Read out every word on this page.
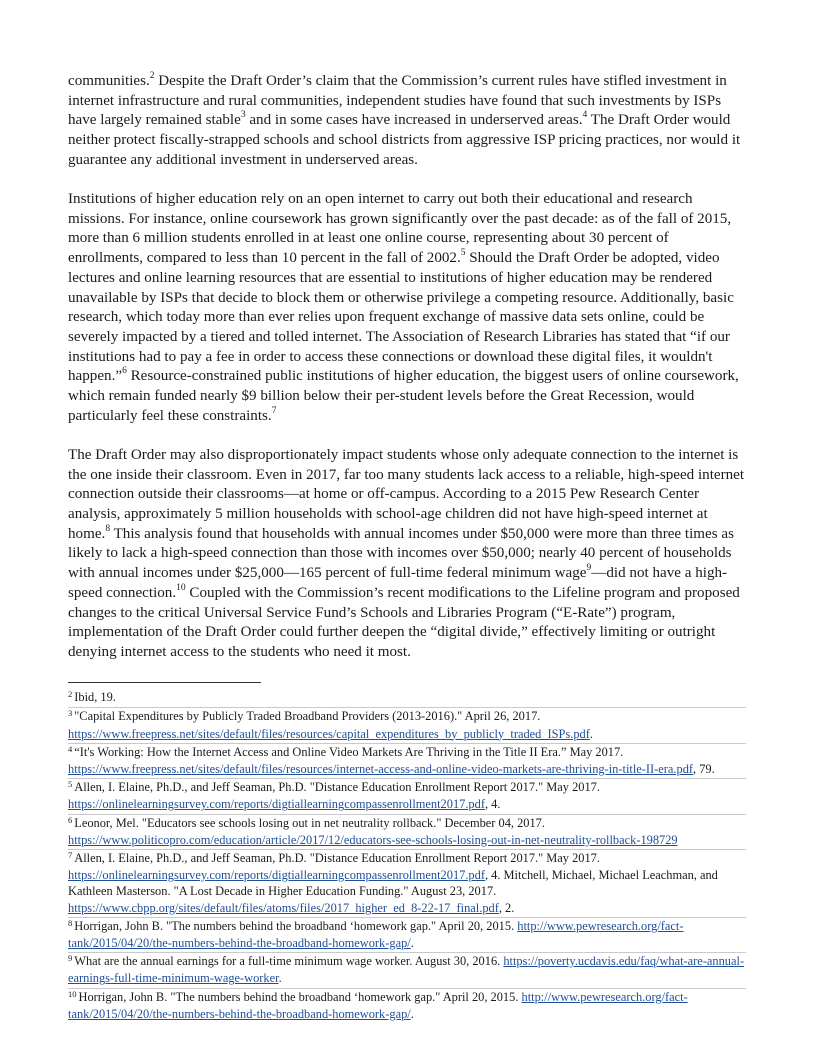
communities.$^2$ Despite the Draft Order’s claim that the Commission’s current rules have stifled investment in internet infrastructure and rural communities, independent studies have found that such investments by ISPs have largely remained stable$^3$ and in some cases have increased in underserved areas.$^4$ The Draft Order would neither protect fiscally-strapped schools and school districts from aggressive ISP pricing practices, nor would it guarantee any additional investment in underserved areas.

Institutions of higher education rely on an open internet to carry out both their educational and research missions. For instance, online coursework has grown significantly over the past decade: as of the fall of 2015, more than 6 million students enrolled in at least one online course, representing about 30 percent of enrollments, compared to less than 10 percent in the fall of 2002.$^5$ Should the Draft Order be adopted, video lectures and online learning resources that are essential to institutions of higher education may be rendered unavailable by ISPs that decide to block them or otherwise privilege a competing resource. Additionally, basic research, which today more than ever relies upon frequent exchange of massive data sets online, could be severely impacted by a tiered and tolled internet. The Association of Research Libraries has stated that “if our institutions had to pay a fee in order to access these connections or download these digital files, it wouldn't happen.”$^6$ Resource-constrained public institutions of higher education, the biggest users of online coursework, which remain funded nearly $9 billion below their per-student levels before the Great Recession, would particularly feel these constraints.$^7$

The Draft Order may also disproportionately impact students whose only adequate connection to the internet is the one inside their classroom. Even in 2017, far too many students lack access to a reliable, high-speed internet connection outside their classrooms—at home or off-campus. According to a 2015 Pew Research Center analysis, approximately 5 million households with school-age children did not have high-speed internet at home.$^8$ This analysis found that households with annual incomes under $50,000 were more than three times as likely to lack a high-speed connection than those with incomes over $50,000; nearly 40 percent of households with annual incomes under $25,000—165 percent of full-time federal minimum wage$^9$—did not have a high-speed connection.$^{10}$ Coupled with the Commission’s recent modifications to the Lifeline program and proposed changes to the critical Universal Service Fund’s Schools and Libraries Program (“E-Rate”) program, implementation of the Draft Order could further deepen the “digital divide,” effectively limiting or outright denying internet access to the students who need it most.

$^2$ Ibid, 19.
$^3$ "Capital Expenditures by Publicly Traded Broadband Providers (2013-2016)." April 26, 2017. https://www.freepress.net/sites/default/files/resources/capital_expenditures_by_publicly_traded_ISPs.pdf.
$^4$ “It's Working: How the Internet Access and Online Video Markets Are Thriving in the Title II Era.” May 2017. https://www.freepress.net/sites/default/files/resources/internet-access-and-online-video-markets-are-thriving-in-title-II-era.pdf, 79.
$^5$ Allen, I. Elaine, Ph.D., and Jeff Seaman, Ph.D. "Distance Education Enrollment Report 2017." May 2017. https://onlinelearningsurvey.com/reports/digtiallearningcompassenrollment2017.pdf, 4.
$^6$ Leonor, Mel. "Educators see schools losing out in net neutrality rollback." December 04, 2017. https://www.politicopro.com/education/article/2017/12/educators-see-schools-losing-out-in-net-neutrality-rollback-198729
$^7$ Allen, I. Elaine, Ph.D., and Jeff Seaman, Ph.D. "Distance Education Enrollment Report 2017." May 2017. https://onlinelearningsurvey.com/reports/digtiallearningcompassenrollment2017.pdf, 4. Mitchell, Michael, Michael Leachman, and Kathleen Masterson. "A Lost Decade in Higher Education Funding." August 23, 2017. https://www.cbpp.org/sites/default/files/atoms/files/2017_higher_ed_8-22-17_final.pdf, 2.
$^8$ Horrigan, John B. "The numbers behind the broadband ‘homework gap." April 20, 2015. http://www.pewresearch.org/fact-tank/2015/04/20/the-numbers-behind-the-broadband-homework-gap/.
$^9$ What are the annual earnings for a full-time minimum wage worker. August 30, 2016. https://poverty.ucdavis.edu/faq/what-are-annual-earnings-full-time-minimum-wage-worker.
$^{10}$ Horrigan, John B. "The numbers behind the broadband ‘homework gap." April 20, 2015. http://www.pewresearch.org/fact-tank/2015/04/20/the-numbers-behind-the-broadband-homework-gap/.
